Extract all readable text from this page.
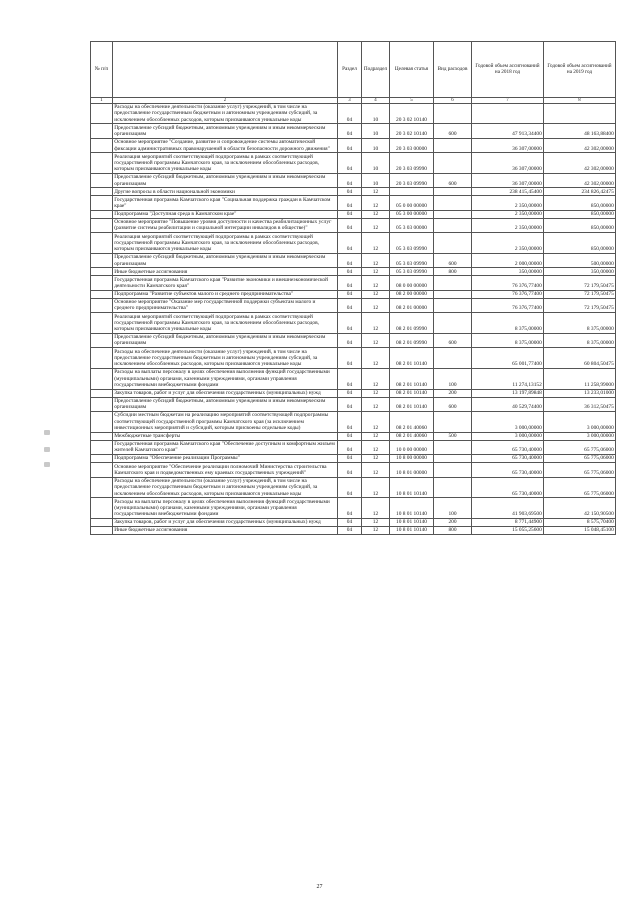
№ п/п		Раздел	Подраздел	Целевая статья	Вид расходов	Годовой объем ассигнований на 2018 год	Годовой объем ассигнований на 2019 год
1	2	3	4	5	6	7	8
	Расходы на обеспечение деятельности (оказание услуг) учреждений, в том числе на предоставление государственным бюджетным и автономным учреждениям субсидий, за исключением обособленных расходов, которым присваиваются уникальные коды	04	10	20 3 02 10140			
	Предоставление субсидий бюджетным, автономным учреждениям и иным некоммерческим организациям	04	10	20 3 02 10140	600	47 913,34400	48 163,88400
	Основное мероприятие "Создание, развитие и сопровождение системы автоматической фиксации административных правонарушений в области безопасности дорожного движения"	04	10	20 3 03 00000		36 307,00000	42 302,00000
	Реализация мероприятий соответствующей подпрограммы в рамках соответствующей государственной программы Камчатского края, за исключением обособленных расходов, которым присваиваются уникальные коды	04	10	20 3 03 09990		36 307,00000	42 302,00000
	Предоставление субсидий бюджетным, автономным учреждениям и иным некоммерческим организациям	04	10	20 3 03 09990	600	36 307,00000	42 302,00000
	Другие вопросы в области национальной экономики	04	12			238 415,45400	234 826,42475
	Государственная программа Камчатского края "Социальная поддержка граждан в Камчатском крае"	04	12	05 0 00 00000		2 350,00000	850,00000
	Подпрограмма "Доступная среда в Камчатском крае"	04	12	05 3 00 00000		2 350,00000	850,00000
	Основное мероприятие "Повышение уровня доступности и качества реабилитационных услуг (развитие системы реабилитации и социальной интеграции инвалидов в обществе)"	04	12	05 3 03 00000		2 350,00000	850,00000
	Реализация мероприятий соответствующей подпрограммы в рамках соответствующей государственной программы Камчатского края, за исключением обособленных расходов, которым присваиваются уникальные коды	04	12	05 3 03 09990		2 350,00000	850,00000
	Предоставление субсидий бюджетным, автономным учреждениям и иным некоммерческим организациям	04	12	05 3 03 09990	600	2 000,00000	500,00000
	Иные бюджетные ассигнования	04	12	05 3 03 09990	800	350,00000	350,00000
	Государственная программа Камчатского края "Развитие экономики и внешнеэкономической деятельности Камчатского края"	04	12	08 0 00 00000		76 376,77400	72 179,50475
	Подпрограмма "Развитие субъектов малого и среднего предпринимательства"	04	12	08 2 00 00000		76 376,77400	72 179,50475
	Основное мероприятие "Оказание мер государственной поддержки субъектам малого и среднего предпринимательства"	04	12	08 2 01 00000		76 376,77400	72 179,50475
	Реализация мероприятий соответствующей подпрограммы в рамках соответствующей государственной программы Камчатского края, за исключением обособленных расходов, которым присваиваются уникальные коды	04	12	08 2 01 09990		8 375,00000	8 375,00000
	Предоставление субсидий бюджетным, автономным учреждениям и иным некоммерческим организациям	04	12	08 2 01 09990	600	8 375,00000	8 375,00000
	Расходы на обеспечение деятельности (оказание услуг) учреждений, в том числе на предоставление государственным бюджетным и автономным учреждениям субсидий, за исключением обособленных расходов, которым присваиваются уникальные коды	04	12	08 2 01 10140		65 001,77400	60 804,50475
	Расходы на выплаты персоналу в целях обеспечения выполнения функций государственными (муниципальными) органами, казенными учреждениями, органами управления государственными внебюджетными фондами	04	12	08 2 01 10140	100	11 274,13152	11 258,99000
	Закупка товаров, работ и услуг для обеспечения государственных (муниципальных) нужд	04	12	08 2 01 10140	200	13 197,89848	13 233,01000
	Предоставление субсидий бюджетным, автономным учреждениям и иным некоммерческим организациям	04	12	08 2 01 10140	600	40 529,74400	36 312,50475
	Субсидии местным бюджетам на реализацию мероприятий соответствующей подпрограммы соответствующей государственной программы Камчатского края (за исключением инвестиционных мероприятий и субсидий, которым присвоены отдельные коды)	04	12	08 2 01 40060		3 000,00000	3 000,00000
	Межбюджетные трансферты	04	12	08 2 01 40060	500	3 000,00000	3 000,00000
	Государственная программа Камчатского края "Обеспечение доступным и комфортным жильем жителей Камчатского края"	04	12	10 0 00 00000		65 730,40000	65 775,06000
	Подпрограмма "Обеспечение реализации Программы"	04	12	10 8 00 00000		65 730,40000	65 775,06000
	Основное мероприятие "Обеспечение реализации полномочий Министерства строительства Камчатского края и подведомственных ему краевых государственных учреждений"	04	12	10 8 01 00000		65 730,40000	65 775,06000
	Расходы на обеспечение деятельности (оказание услуг) учреждений, в том числе на предоставление государственным бюджетным и автономным учреждениям субсидий, за исключением обособленных расходов, которым присваиваются уникальные коды	04	12	10 8 01 10140		65 730,40000	65 775,06000
	Расходы на выплаты персоналу в целях обеспечения выполнения функций государственными (муниципальными) органами, казенными учреждениями, органами управления государственными внебюджетными фондами	04	12	10 8 01 10140	100	41 903,69500	42 150,90500
	Закупка товаров, работ и услуг для обеспечения государственных (муниципальных) нужд	04	12	10 8 01 10140	200	8 771,44900	8 575,70400
	Иные бюджетные ассигнования	04	12	10 8 01 10140	800	15 055,25600	15 048,45100
27
